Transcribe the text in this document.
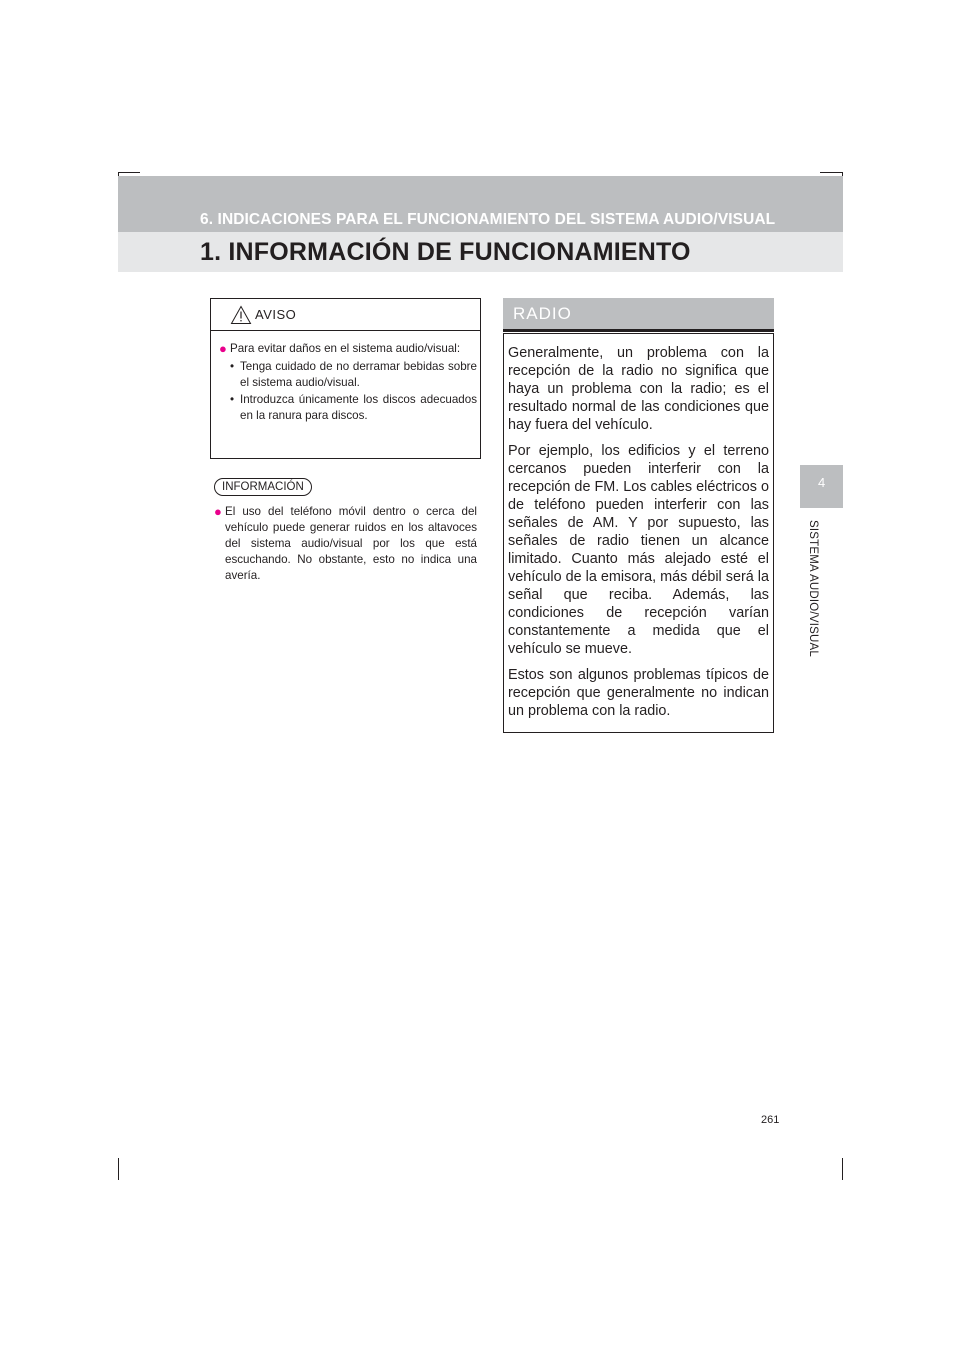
6. INDICACIONES PARA EL FUNCIONAMIENTO DEL SISTEMA AUDIO/VISUAL
1. INFORMACIÓN DE FUNCIONAMIENTO
4
SISTEMA AUDIO/VISUAL
AVISO
● Para evitar daños en el sistema audio/visual:
• Tenga cuidado de no derramar bebidas sobre el sistema audio/visual.
• Introduzca únicamente los discos adecuados en la ranura para discos.
INFORMACIÓN
● El uso del teléfono móvil dentro o cerca del vehículo puede generar ruidos en los altavoces del sistema audio/visual por los que está escuchando. No obstante, esto no indica una avería.
RADIO

Generalmente, un problema con la recepción de la radio no significa que haya un problema con la radio; es el resultado normal de las condiciones que hay fuera del vehículo.

Por ejemplo, los edificios y el terreno cercanos pueden interferir con la recepción de FM. Los cables eléctricos o de teléfono pueden interferir con las señales de AM. Y por supuesto, las señales de radio tienen un alcance limitado. Cuanto más alejado esté el vehículo de la emisora, más débil será la señal que reciba. Además, las condiciones de recepción varían constantemente a medida que el vehículo se mueve.

Estos son algunos problemas típicos de recepción que generalmente no indican un problema con la radio.

261
